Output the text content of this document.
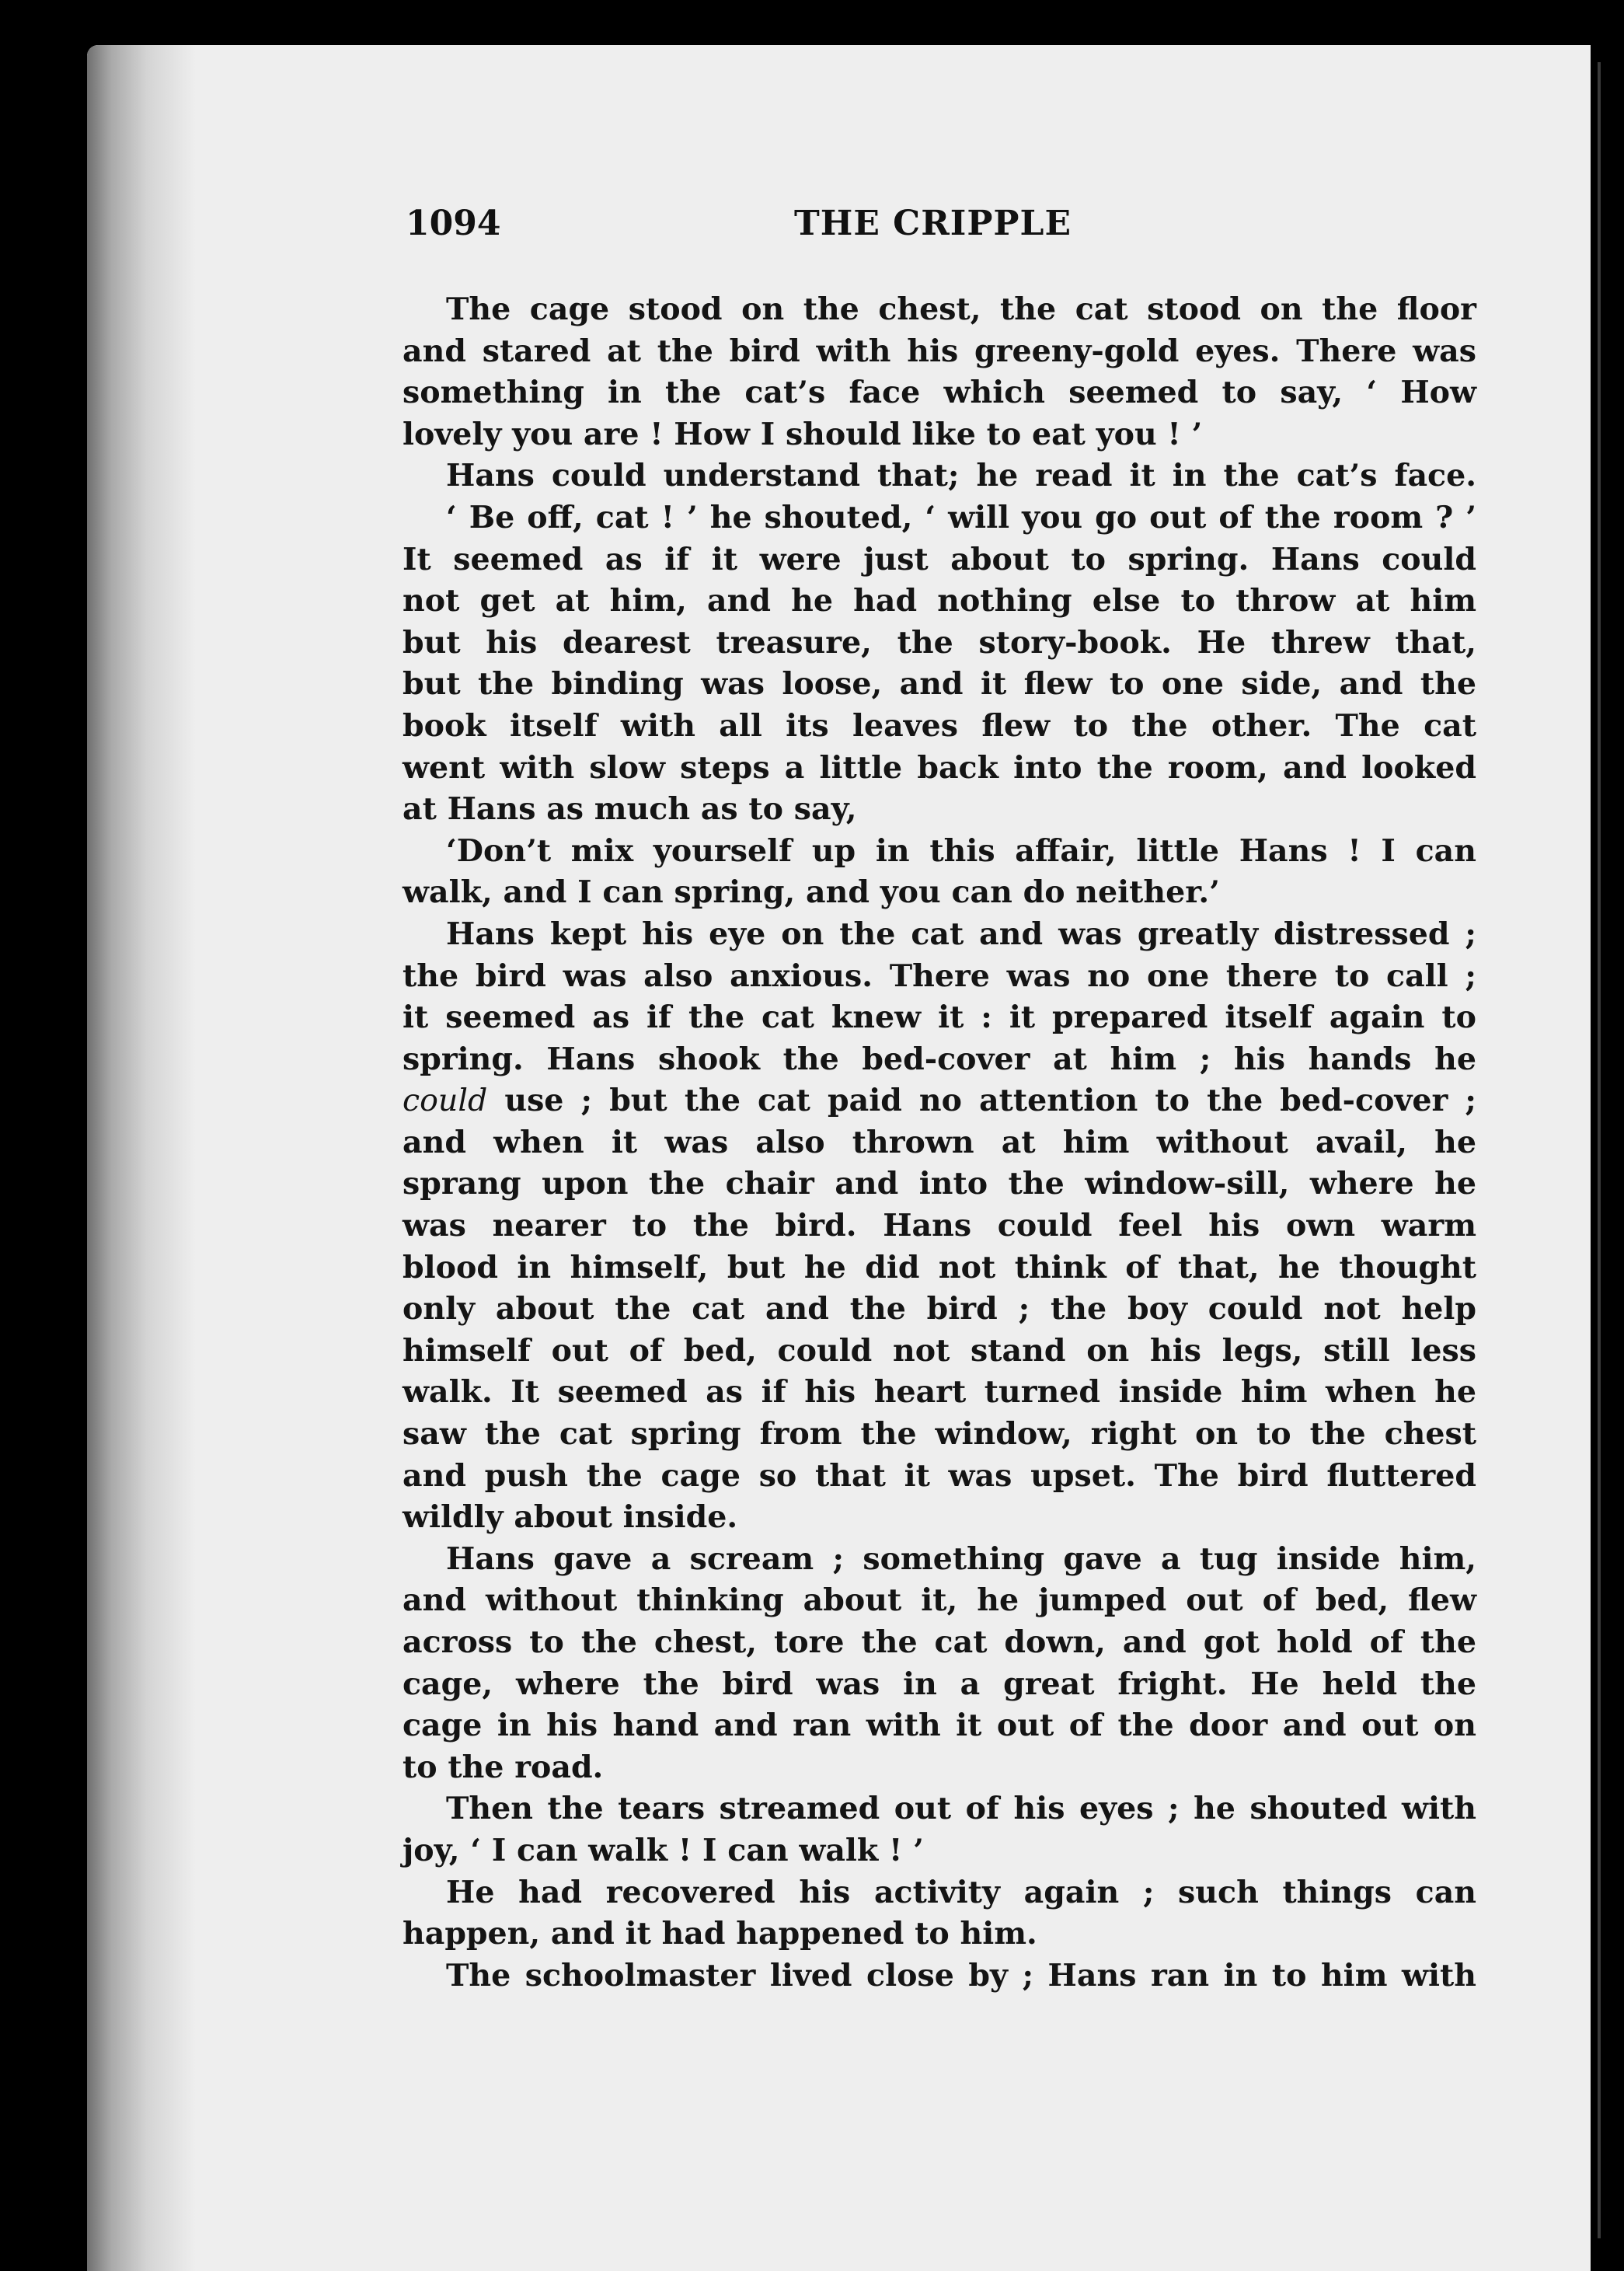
1094	THE CRIPPLE
The cage stood on the chest, the cat stood on the floor
and stared at the bird with his greeny-gold eyes. There was
something in the cat’s face which seemed to say, ‘ How
lovely you are ! How I should like to eat you ! ’
Hans could understand that; he read it in the cat’s face.
‘ Be off, cat ! ’ he shouted, ‘ will you go out of the room ? ’
It seemed as if it were just about to spring. Hans could
not get at him, and he had nothing else to throw at him
but his dearest treasure, the story-book. He threw that,
but the binding was loose, and it flew to one side, and the
book itself with all its leaves flew to the other. The cat
went with slow steps a little back into the room, and looked
at Hans as much as to say,
‘Don’t mix yourself up in this affair, little Hans ! I can
walk, and I can spring, and you can do neither.’
Hans kept his eye on the cat and was greatly distressed ;
the bird was also anxious. There was no one there to call ;
it seemed as if the cat knew it : it prepared itself again to
spring. Hans shook the bed-cover at him ; his hands he
could use ; but the cat paid no attention to the bed-cover ;
and when it was also thrown at him without avail, he
sprang upon the chair and into the window-sill, where he
was nearer to the bird. Hans could feel his own warm
blood in himself, but he did not think of that, he thought
only about the cat and the bird ; the boy could not help
himself out of bed, could not stand on his legs, still less
walk. It seemed as if his heart turned inside him when he
saw the cat spring from the window, right on to the chest
and push the cage so that it was upset. The bird fluttered
wildly about inside.
Hans gave a scream ; something gave a tug inside him,
and without thinking about it, he jumped out of bed, flew
across to the chest, tore the cat down, and got hold of the
cage, where the bird was in a great fright. He held the
cage in his hand and ran with it out of the door and out on
to the road.
Then the tears streamed out of his eyes ; he shouted with
joy, ‘ I can walk ! I can walk ! ’
He had recovered his activity again ; such things can
happen, and it had happened to him.
The schoolmaster lived close by ; Hans ran in to him with
